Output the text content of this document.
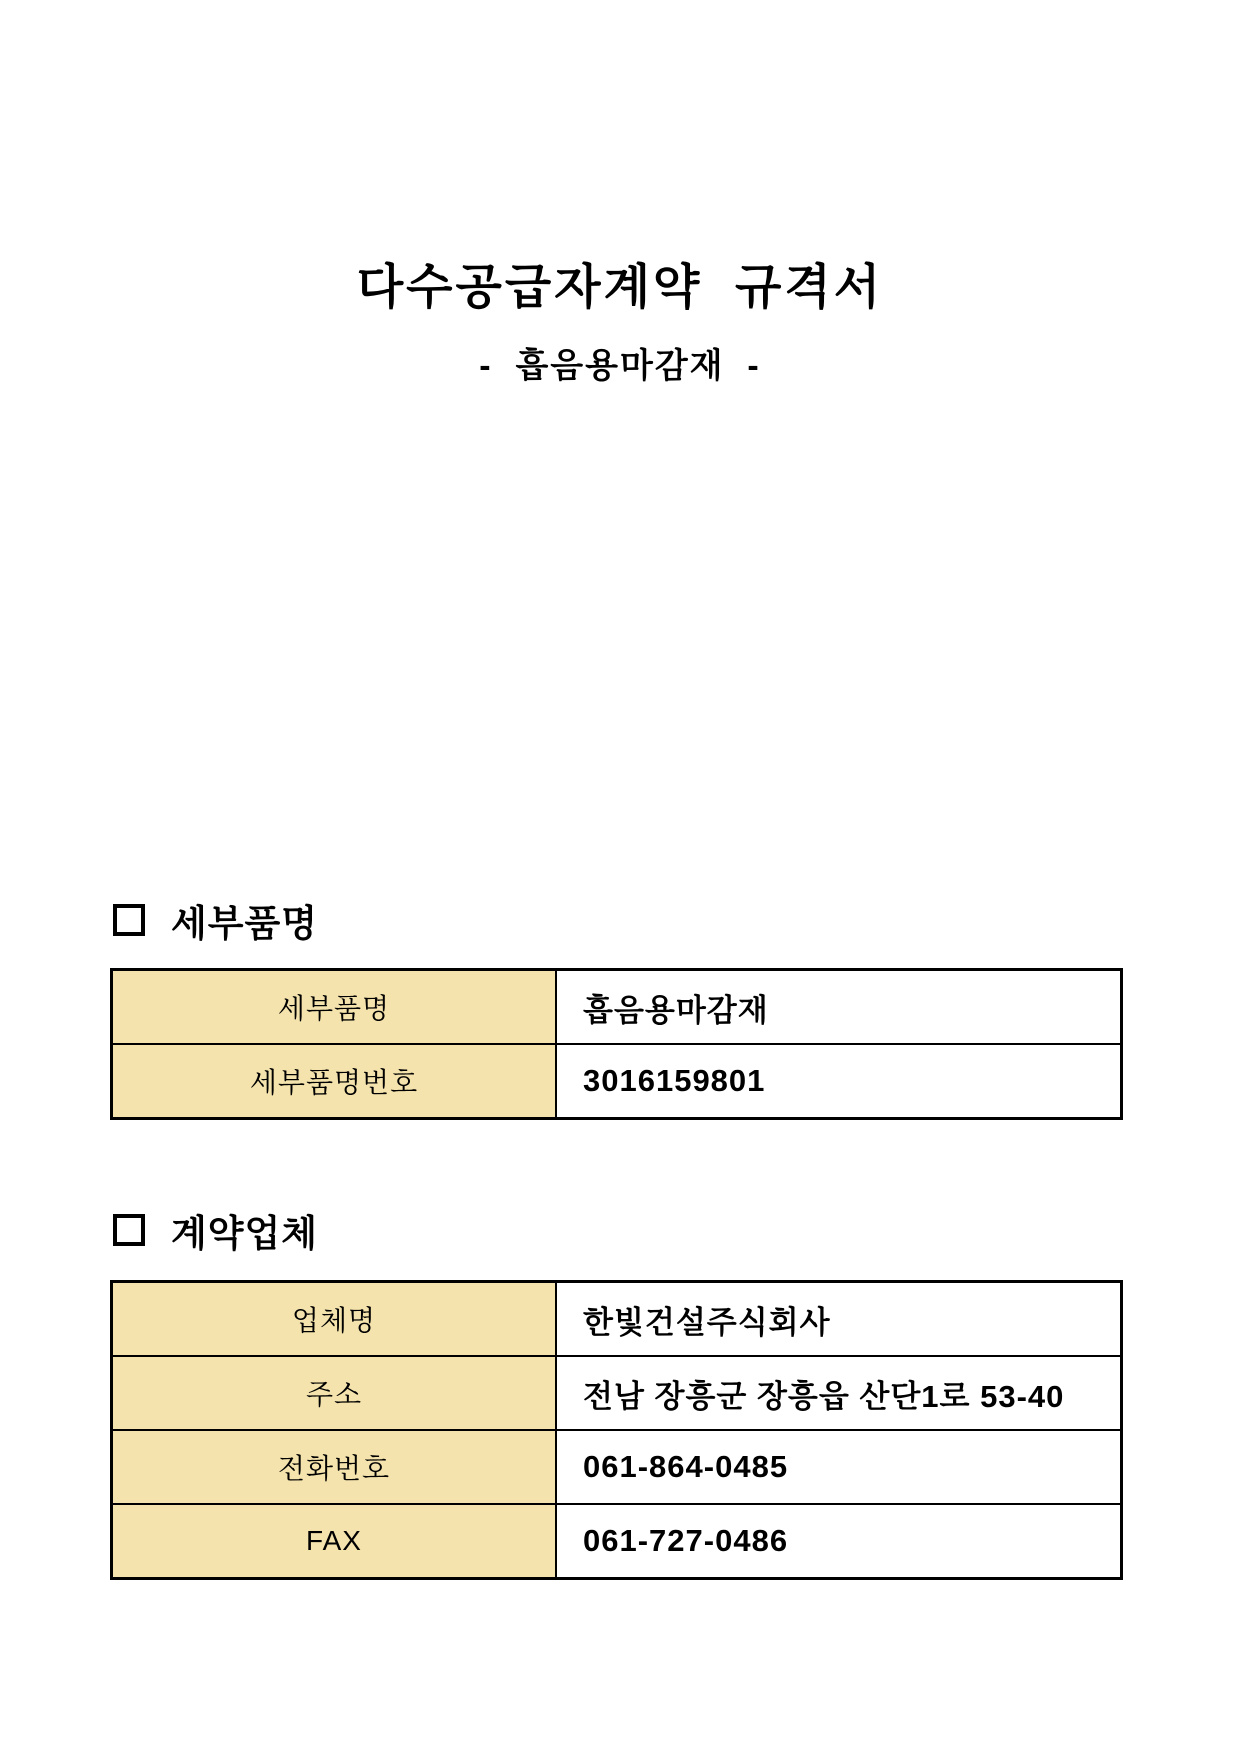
다수공급자계약  규격서
-  흡음용마감재  -
세부품명
세부품명	흡음용마감재
세부품명번호	3016159801
계약업체
업체명	한빛건설주식회사
주소	전남 장흥군 장흥읍 산단1로 53-40
전화번호	061-864-0485
FAX	061-727-0486
